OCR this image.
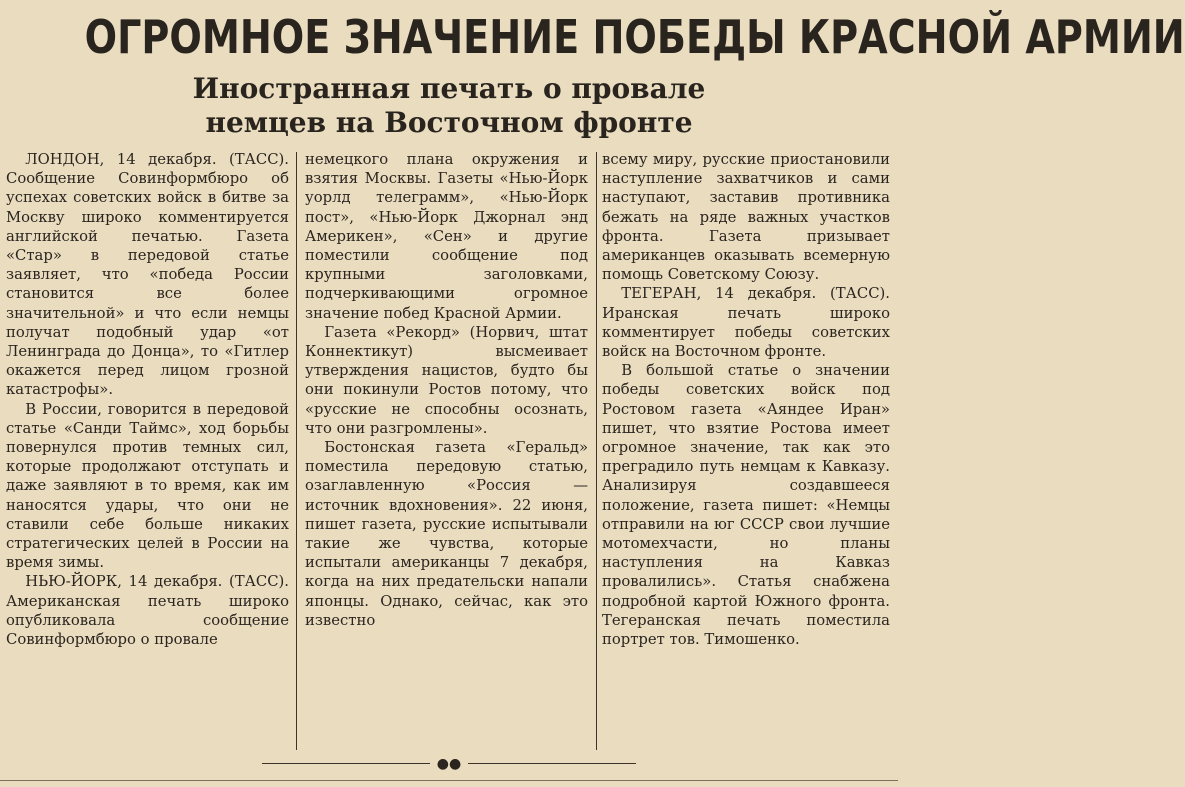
ОГРОМНОЕ ЗНАЧЕНИЕ ПОБЕДЫ КРАСНОЙ АРМИИ
Иностранная печать о провале
немцев на Восточном фронте

ЛОНДОН, 14 декабря. (ТАСС). Сообщение Совинформбюро об успехах советских войск в битве за Москву широко комментируется английской печатью. Газета «Стар» в передовой статье заявляет, что «победа России становится все более значительной» и что если немцы получат подобный удар «от Ленинграда до Донца», то «Гитлер окажется перед лицом грозной катастрофы».

В России, говорится в передовой статье «Санди Таймс», ход борьбы повернулся против темных сил, которые продолжают отступать и даже заявляют в то время, как им наносятся удары, что они не ставили себе больше никаких стратегических целей в России на время зимы.

НЬЮ-ЙОРК, 14 декабря. (ТАСС). Американская печать широко опубликовала сообщение Совинформбюро о провале

немецкого плана окружения и взятия Москвы. Газеты «Нью-Йорк уорлд телеграмм», «Нью-Йорк пост», «Нью-Йорк Джорнал энд Америкен», «Сен» и другие поместили сообщение под крупными заголовками, подчеркивающими огромное значение побед Красной Армии.

Газета «Рекорд» (Норвич, штат Коннектикут) высмеивает утверждения нацистов, будто бы они покинули Ростов потому, что «русские не способны осознать, что они разгромлены».

Бостонская газета «Геральд» поместила передовую статью, озаглавленную «Россия — источник вдохновения». 22 июня, пишет газета, русские испытывали такие же чувства, которые испытали американцы 7 декабря, когда на них предательски напали японцы. Однако, сейчас, как это известно

всему миру, русские приостановили наступление захватчиков и сами наступают, заставив противника бежать на ряде важных участков фронта. Газета призывает американцев оказывать всемерную помощь Советскому Союзу.

ТЕГЕРАН, 14 декабря. (ТАСС). Иранская печать широко комментирует победы советских войск на Восточном фронте.

В большой статье о значении победы советских войск под Ростовом газета «Аяндее Иран» пишет, что взятие Ростова имеет огромное значение, так как это преградило путь немцам к Кавказу. Анализируя создавшееся положение, газета пишет: «Немцы отправили на юг СССР свои лучшие мотомехчасти, но планы наступления на Кавказ провалились». Статья снабжена подробной картой Южного фронта. Тегеранская печать поместила портрет тов. Тимошенко.

●●
